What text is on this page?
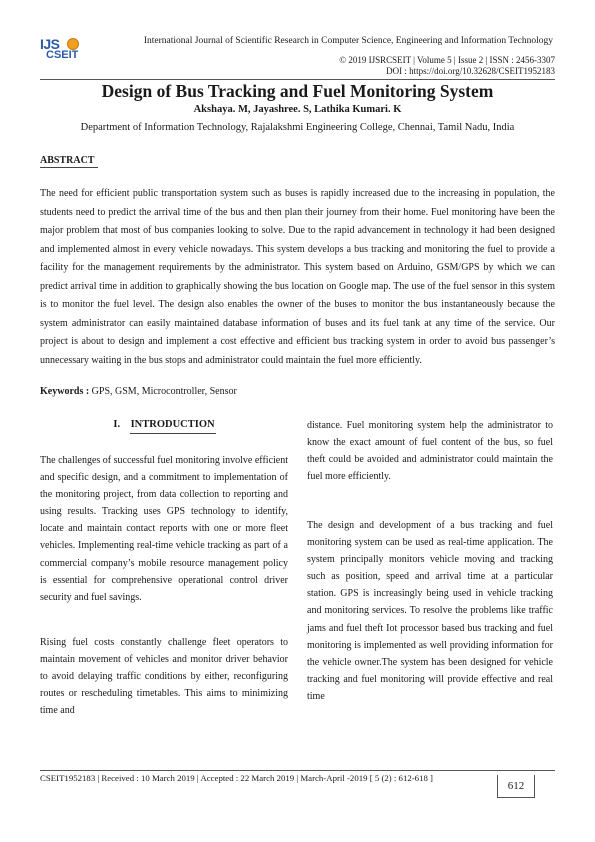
IJS
CSEIT
International Journal of Scientific Research in Computer Science, Engineering and Information Technology
© 2019 IJSRCSEIT | Volume 5 | Issue 2 | ISSN : 2456-3307
DOI : https://doi.org/10.32628/CSEIT1952183
Design of Bus Tracking and Fuel Monitoring System
Akshaya. M, Jayashree. S, Lathika Kumari. K
Department of Information Technology, Rajalakshmi Engineering College, Chennai, Tamil Nadu, India
ABSTRACT
The need for efficient public transportation system such as buses is rapidly increased due to the increasing in population, the students need to predict the arrival time of the bus and then plan their journey from their home. Fuel monitoring have been the major problem that most of bus companies looking to solve. Due to the rapid advancement in technology it had been designed and implemented almost in every vehicle nowadays. This system develops a bus tracking and monitoring the fuel to provide a facility for the management requirements by the administrator. This system based on Arduino, GSM/GPS by which we can predict arrival time in addition to graphically showing the bus location on Google map. The use of the fuel sensor in this system is to monitor the fuel level. The design also enables the owner of the buses to monitor the bus instantaneously because the system administrator can easily maintained database information of buses and its fuel tank at any time of the service. Our project is about to design and implement a cost effective and efficient bus tracking system in order to avoid bus passenger’s unnecessary waiting in the bus stops and administrator could maintain the fuel more efficiently.
Keywords : GPS, GSM, Microcontroller, Sensor
I.    INTRODUCTION
The challenges of successful fuel monitoring involve efficient and specific design, and a commitment to implementation of the monitoring project, from data collection to reporting and using results. Tracking uses GPS technology to identify, locate and maintain contact reports with one or more fleet vehicles. Implementing real-time vehicle tracking as part of a commercial company’s mobile resource management policy is essential for comprehensive operational control driver security and fuel savings.
Rising fuel costs constantly challenge fleet operators to maintain movement of vehicles and monitor driver behavior to avoid delaying traffic conditions by either, reconfiguring routes or rescheduling timetables. This aims to minimizing time and
distance. Fuel monitoring system help the administrator to know the exact amount of fuel content of the bus, so fuel theft could be avoided and administrator could maintain the fuel more efficiently.
The design and development of a bus tracking and fuel monitoring system can be used as real-time application. The system principally monitors vehicle moving and tracking such as position, speed and arrival time at a particular station. GPS is increasingly being used in vehicle tracking and monitoring services. To resolve the problems like traffic jams and fuel theft Iot processor based bus tracking and fuel monitoring is implemented as well providing information for the vehicle owner.The system has been designed for vehicle tracking and fuel monitoring will provide effective and real time
CSEIT1952183 | Received : 10 March 2019 | Accepted : 22 March 2019 | March-April -2019 [ 5 (2) : 612-618 ]
612
